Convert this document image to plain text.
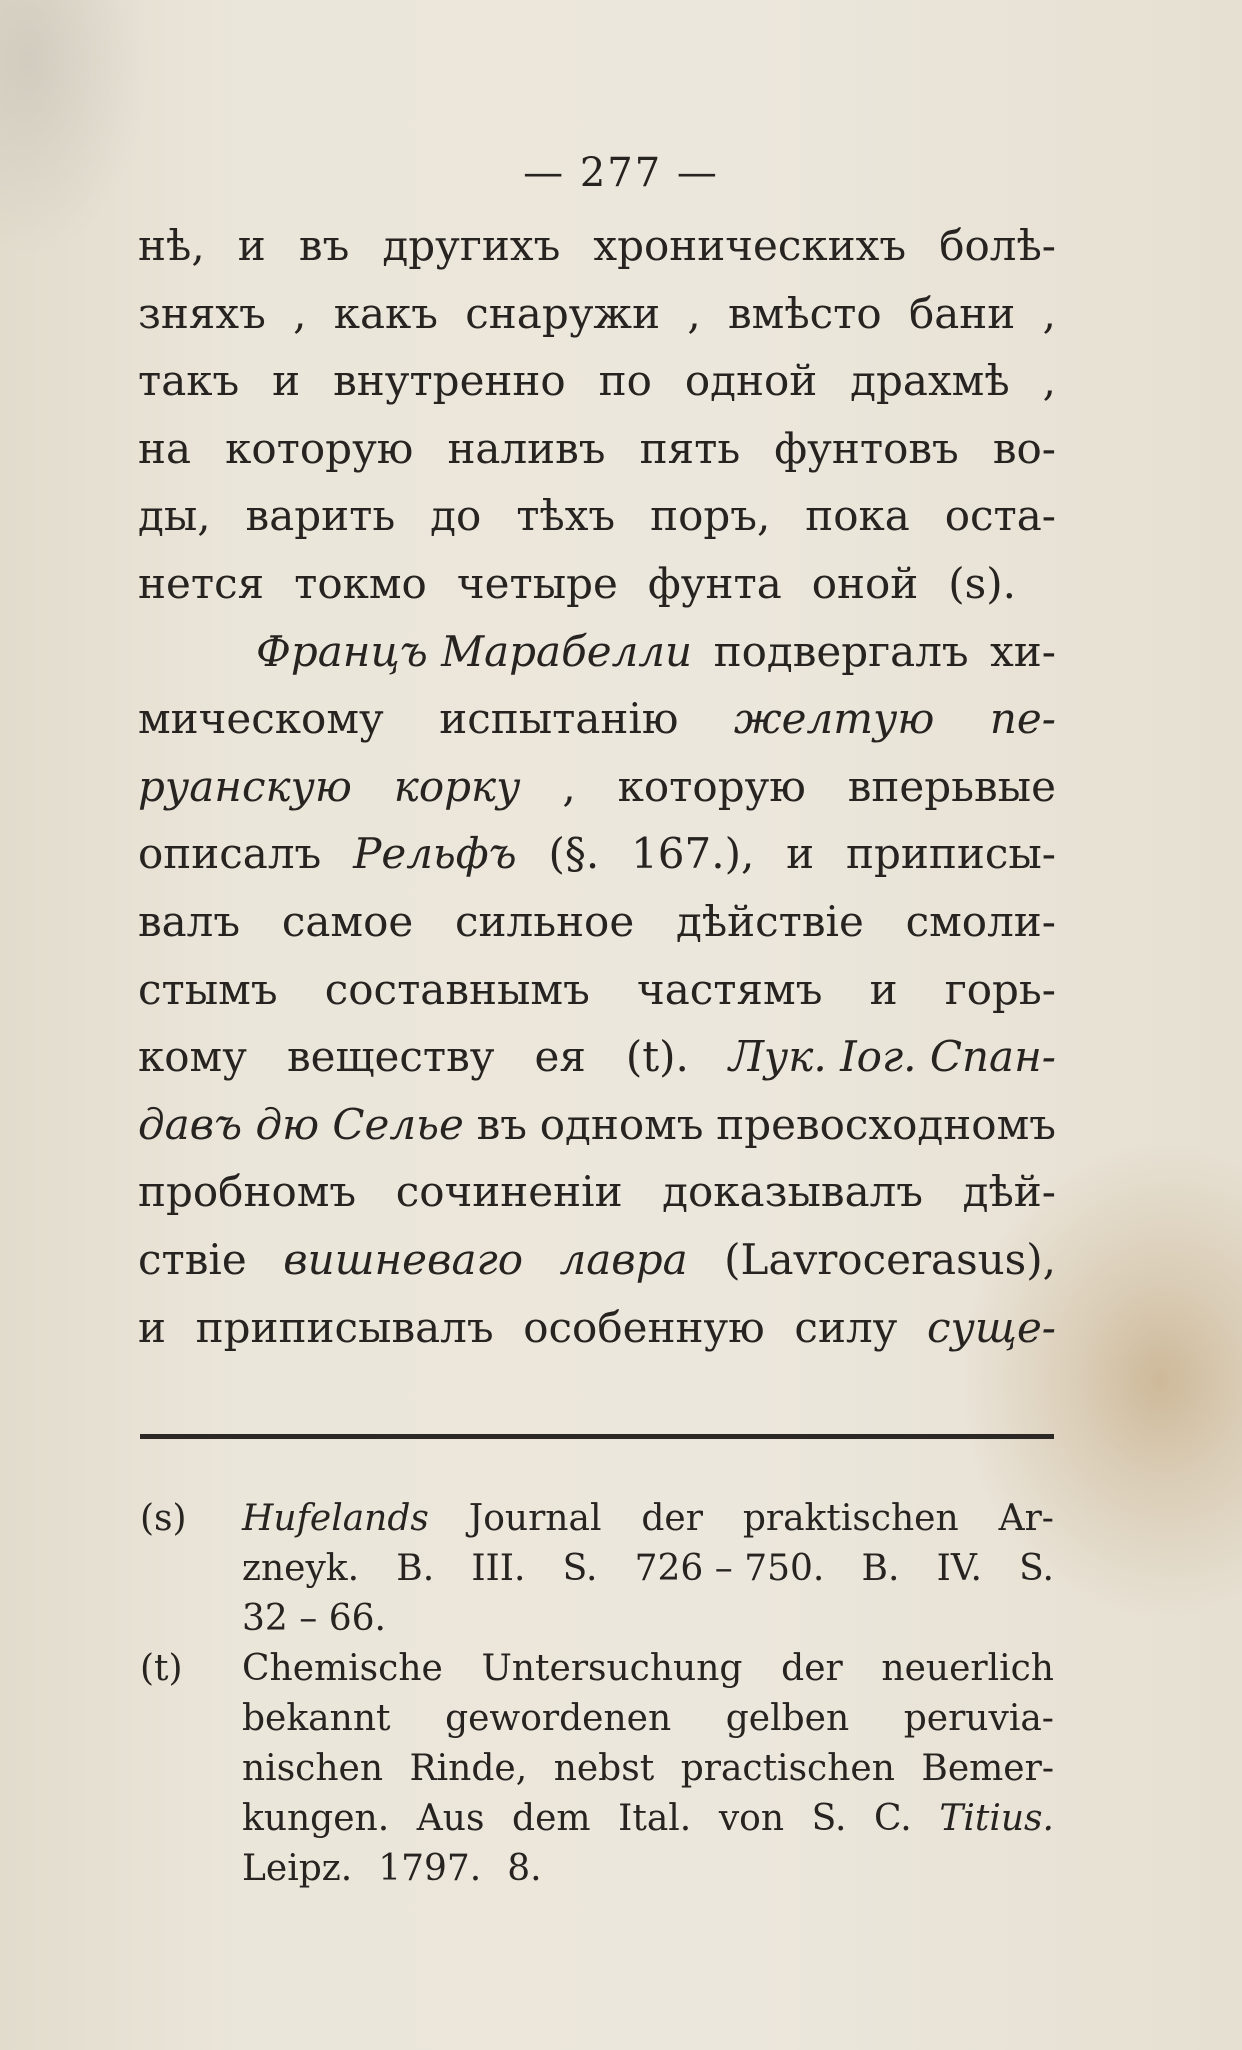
— 277 —
нѣ, и въ другихъ хроническихъ болѣ-
зняхъ , какъ снаружи , вмѣсто бани ,
такъ и внутренно по одной драхмѣ ,
на которую наливъ пять фунтовъ во-
ды, варить до тѣхъ поръ, пока оста-
нется токмо четыре фунта оной (s).
Францъ Марабелли подвергалъ хи-
мическому испытанію желтую пе-
руанскую корку , которую вперьвые
описалъ Рельфъ (§. 167.), и приписы-
валъ самое сильное дѣйствіе смоли-
стымъ составнымъ частямъ и горь-
кому веществу ея (t). Лук. Іог. Спан-
давъ дю Селье въ одномъ превосходномъ
пробномъ сочиненіи доказывалъ дѣй-
ствіе вишневаго лавра (Lavrocerasus),
и приписывалъ особенную силу суще-
(s)	Hufelands Journal der praktischen Ar-
zneyk. B. III. S. 726 – 750. B. IV. S.
32 – 66.
(t)	Chemische Untersuchung der neuerlich
bekannt gewordenen gelben peruvia-
nischen Rinde, nebst practischen Bemer-
kungen. Aus dem Ital. von S. C. Titius.
Leipz. 1797. 8.
